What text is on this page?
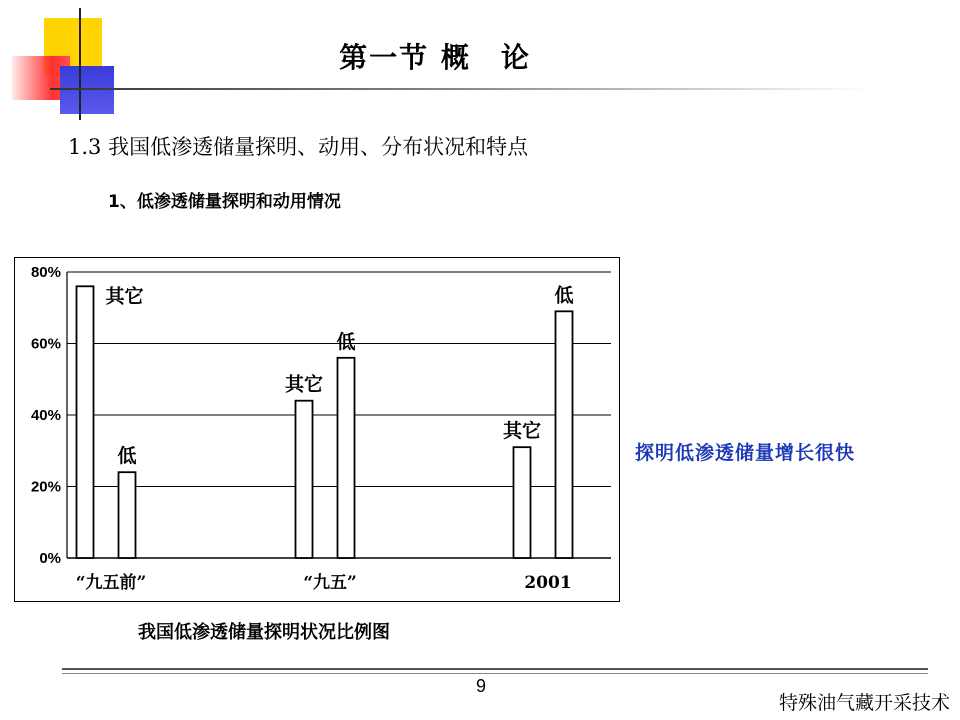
第一节 概　论
1.3 我国低渗透储量探明、动用、分布状况和特点
1、低渗透储量探明和动用情况
0%
20%
40%
60%
80%
其它
低
“九五前”
其它
低
“九五”
其它
低
2001
我国低渗透储量探明状况比例图
探明低渗透储量增长很快
9
特殊油气藏开采技术
